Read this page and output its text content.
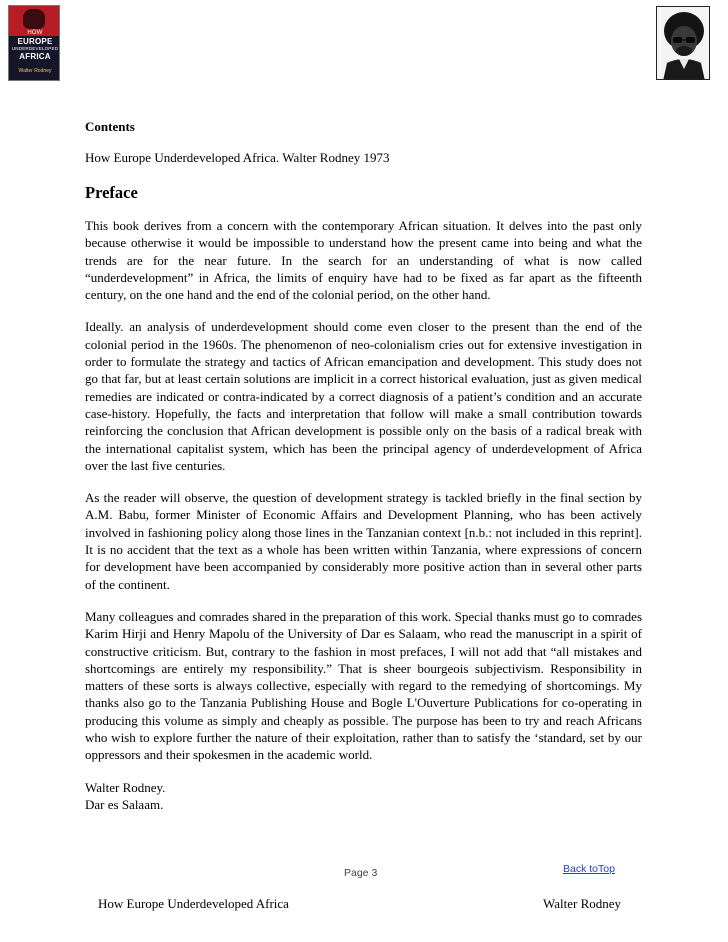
HOW
EUROPE
UNDERDEVELOPED
AFRICA
Walter Rodney
Contents
How Europe Underdeveloped Africa. Walter Rodney 1973
Preface

This book derives from a concern with the contemporary African situation. It delves into the past only because otherwise it would be impossible to understand how the present came into being and what the trends are for the near future. In the search for an understanding of what is now called “underdevelopment” in Africa, the limits of enquiry have had to be fixed as far apart as the fifteenth century, on the one hand and the end of the colonial period, on the other hand.

Ideally. an analysis of underdevelopment should come even closer to the present than the end of the colonial period in the 1960s. The phenomenon of neo-colonialism cries out for extensive investigation in order to formulate the strategy and tactics of African emancipation and development. This study does not go that far, but at least certain solutions are implicit in a correct historical evaluation, just as given medical remedies are indicated or contra-indicated by a correct diagnosis of a patient’s condition and an accurate case-history. Hopefully, the facts and interpretation that follow will make a small contribution towards reinforcing the conclusion that African development is possible only on the basis of a radical break with the international capitalist system, which has been the principal agency of underdevelopment of Africa over the last five centuries.

As the reader will observe, the question of development strategy is tackled briefly in the final section by A.M. Babu, former Minister of Economic Affairs and Development Planning, who has been actively involved in fashioning policy along those lines in the Tanzanian context [n.b.: not included in this reprint]. It is no accident that the text as a whole has been written within Tanzania, where expressions of concern for development have been accompanied by considerably more positive action than in several other parts of the continent.

Many colleagues and comrades shared in the preparation of this work. Special thanks must go to comrades Karim Hirji and Henry Mapolu of the University of Dar es Salaam, who read the manuscript in a spirit of constructive criticism. But, contrary to the fashion in most prefaces, I will not add that “all mistakes and shortcomings are entirely my responsibility.” That is sheer bourgeois subjectivism. Responsibility in matters of these sorts is always collective, especially with regard to the remedying of shortcomings. My thanks also go to the Tanzania Publishing House and Bogle L'Ouverture Publications for co-operating in producing this volume as simply and cheaply as possible. The purpose has been to try and reach Africans who wish to explore further the nature of their exploitation, rather than to satisfy the ‘standard, set by our oppressors and their spokesmen in the academic world.

Walter Rodney.

Dar es Salaam.

Page 3	Back toTop
How Europe Underdeveloped Africa	Walter Rodney
